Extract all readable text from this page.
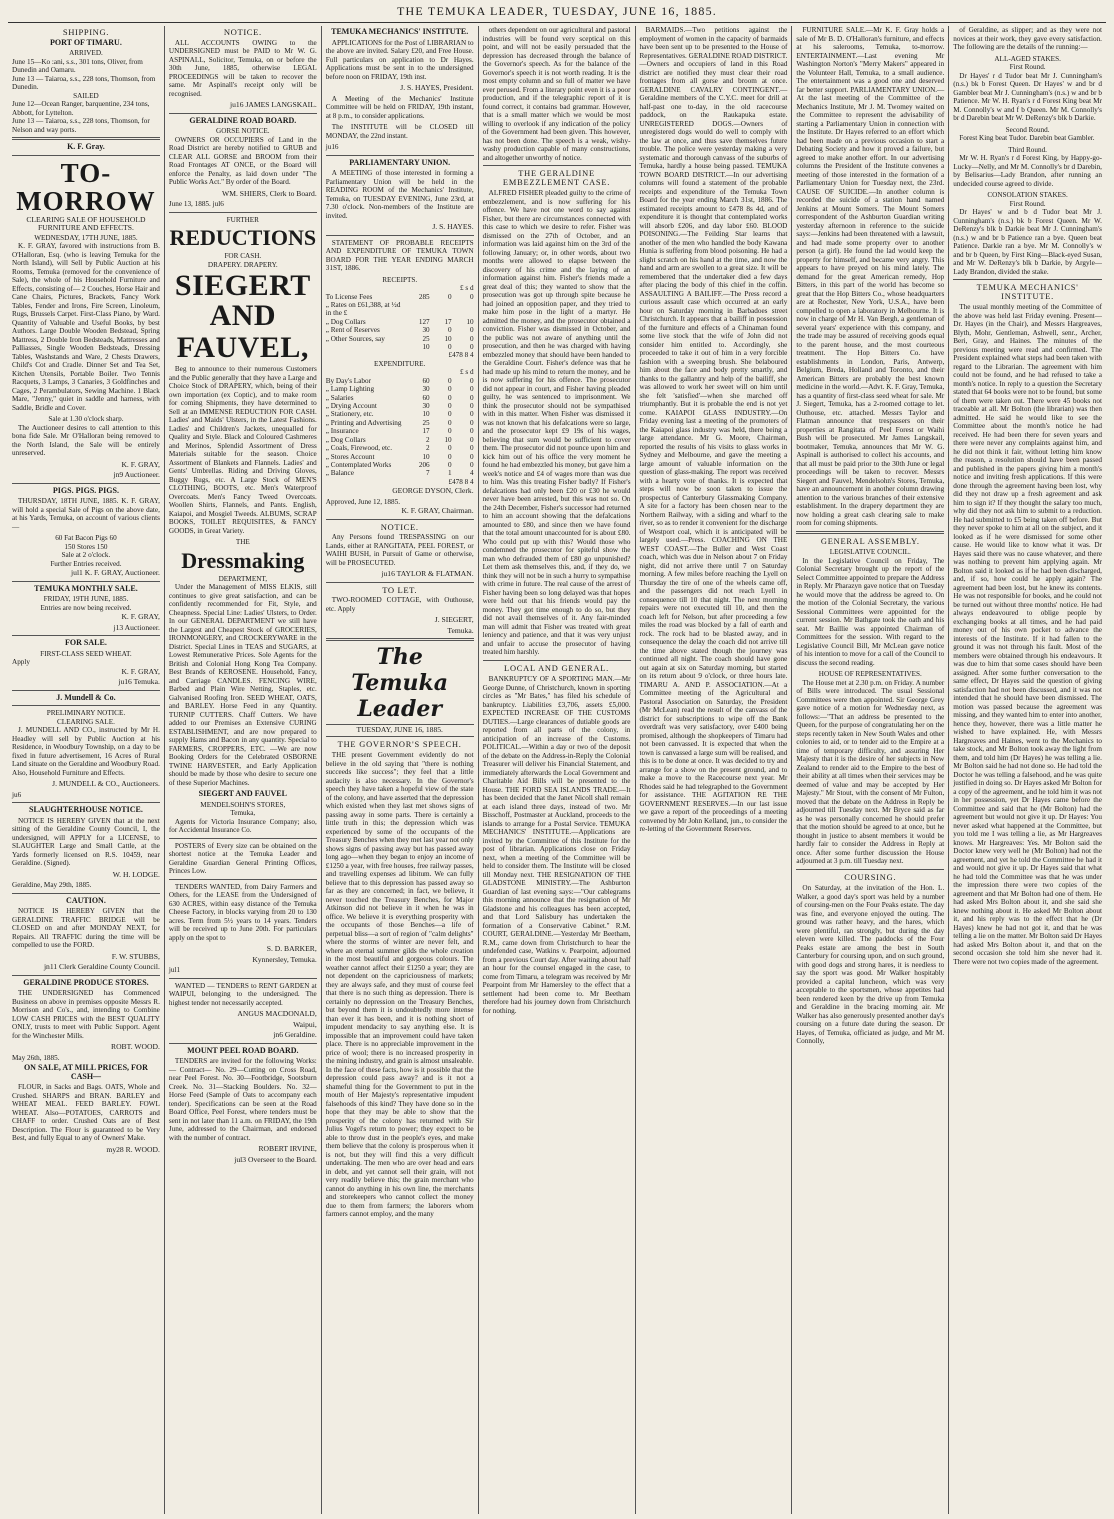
THE TEMUKA LEADER, TUESDAY, JUNE 16, 1885.
SHIPPING.
PORT OF TIMARU.
ARRIVED.

June 15—Ko :ani, s.s., 301 tons, Oliver, from Dunedin and Oamaru.

June 13 — Taiaroa, s.s., 228 tons, Thomson, from Dunedin.

SAILED

June 12—Ocean Ranger, barquentine, 234 tons, Abbott, for Lyttelton.

June 13 — Taiaroa, s.s., 228 tons, Thomson, for Nelson and way ports.

K. F. Gray.
TO-MORROW
CLEARING SALE OF HOUSEHOLD FURNITURE AND EFFECTS.
WEDNESDAY, 17TH JUNE, 1885.

K. F. GRAY, favored with instructions from B. O'Halloran, Esq. (who is leaving Temuka for the North Island), will Sell by Public Auction at his Rooms, Temuka (removed for the convenience of Sale), the whole of his Household Furniture and Effects, consisting of— 2 Couches, Horse Hair and Cane Chairs, Pictures, Brackets, Fancy Work Tables, Fender and Irons, Fire Screen, Linoleum, Rugs, Brussels Carpet. First-Class Piano, by Ward. Quantity of Valuable and Useful Books, by best Authors. Large Double Wooden Bedstead, Spring Mattress, 2 Double Iron Bedsteads, Mattresses and Palliasses, Single Wooden Bedsteads, Dressing Tables, Washstands and Ware, 2 Chests Drawers, Child's Cot and Cradle. Dinner Set and Tea Set, Kitchen Utensils, Portable Boiler. Two Tennis Racquets, 3 Lamps, 3 Canaries, 3 Goldfinches and Cages, 2 Perambulators, Sewing Machine. 1 Black Mare, "Jenny," quiet in saddle and harness, with Saddle, Bridle and Cover.

Sale at 1.30 o'clock sharp.

The Auctioneer desires to call attention to this bona fide Sale. Mr O'Halloran being removed to the North Island, the Sale will be entirely unreserved.

K. F. GRAY,
jn9 Auctioneer.
PIGS. PIGS. PIGS.

THURSDAY, 18TH JUNE, 1885. K. F. GRAY, will hold a special Sale of Pigs on the above date, at his Yards, Temuka, on account of various clients—

60 Fat Bacon Pigs 60
150 Stores 150
Sale at 2 o'clock.
Further Entries received.
jul1 K. F. GRAY, Auctioneer.
TEMUKA MONTHLY SALE.
FRIDAY, 19TH JUNE, 1885.
Entries are now being received.
K. F. GRAY,
j13 Auctioneer.
FOR SALE.
FIRST-CLASS SEED WHEAT.

Apply

K. F. GRAY,
ju16 Temuka.
J. Mundell & Co.
PRELIMINARY NOTICE.
CLEARING SALE.

J. MUNDELL AND CO., instructed by Mr H. Headley will sell by Public Auction at his Residence, in Woodbury Township, on a day to be fixed in future advertisement, 16 Acres of Rural Land situate on the Geraldine and Woodbury Road. Also, Household Furniture and Effects.

J. MUNDELL & CO., Auctioneers.
ju6
SLAUGHTERHOUSE NOTICE.

NOTICE IS HEREBY GIVEN that at the next sitting of the Geraldine County Council, I, the undersigned, will APPLY for a LICENSE, to SLAUGHTER Large and Small Cattle, at the Yards formerly licensed on R.S. 10459, near Geraldine. (Signed).

W. H. LODGE.
Geraldine, May 29th, 1885.
CAUTION.

NOTICE IS HEREBY GIVEN that the GERALDINE TRAFFIC BRIDGE will be CLOSED on and after MONDAY NEXT, for Repairs. All TRAFFIC during the time will be compelled to use the FORD.

F. W. STUBBS,
jn11 Clerk Geraldine County Council.
GERALDINE PRODUCE STORES.

THE UNDERSIGNED has Commenced Business on above in premises opposite Messrs R. Morrison and Co's., and, intending to Combine LOW CASH PRICES with the BEST QUALITY ONLY, trusts to meet with Public Support. Agent for the Winchester Mills.

ROBT. WOOD.
May 26th, 1885.
ON SALE, AT MILL PRICES, FOR CASH—

FLOUR, in Sacks and Bags. OATS, Whole and Crushed. SHARPS and BRAN. BARLEY and WHEAT MEAL. FEED BARLEY. FOWL WHEAT. Also—POTATOES, CARROTS and CHAFF to order. Crushed Oats are of Best Description. The Flour is guaranteed to be Very Best, and fully Equal to any of Owners' Make.

my28 R. WOOD.
NOTICE.

ALL ACCOUNTS OWING to the UNDERSIGNED must be PAID to Mr W. G. ASPINALL, Solicitor, Temuka, on or before the 30th June, 1885, otherwise LEGAL PROCEEDINGS will be taken to recover the same. Mr Aspinall's receipt only will be recognised.

ju16 JAMES LANGSKAIL.
GERALDINE ROAD BOARD.
GORSE NOTICE.

OWNERS OR OCCUPIERS of Land in the Road District are hereby notified to GRUB and CLEAR ALL GORSE and BROOM from their Road Frontages AT ONCE, or the Board will enforce the Penalty, as laid down under "The Public Works Act." By order of the Board.

WM. SHIERS, Clerk to Board.
June 13, 1885. jul6
FURTHER
REDUCTIONS
FOR CASH.
DRAPERY. DRAPERY.
SIEGERT AND
FAUVEL,

Beg to announce to their numerous Customers and the Public generally that they have a Large and Choice Stock of DRAPERY, which, being of their own importation (ex Coptic), and to make room for coming Shipments, they have determined to Sell at an IMMENSE REDUCTION FOR CASH. Ladies' and Maids' Ulsters, in the Latest Fashions. Ladies' and Children's Jackets, unequalled for Quality and Style. Black and Coloured Cashmeres and Merinos, Splendid Assortment of Dress Materials suitable for the season. Choice Assortment of Blankets and Flannels. Ladies' and Gents' Umbrellas. Riding and Driving Gloves, Buggy Rugs, etc. A Large Stock of MEN'S CLOTHING, BOOTS, etc. Men's Waterproof Overcoats. Men's Fancy Tweed Overcoats. Woollen Shirts, Flannels, and Pants. English, Kaiapoi, and Mosgiel Tweeds. ALBUMS, SCRAP BOOKS, TOILET REQUISITES, & FANCY GOODS, in Great Variety.

THE
Dressmaking
DEPARTMENT,

Under the Management of MISS ELKIS, still continues to give great satisfaction, and can be confidently recommended for Fit, Style, and Cheapness. Special Line: Ladies' Ulsters, to Order. In our GENERAL DEPARTMENT we still have the Largest and Cheapest Stock of GROCERIES, IRONMONGERY, and CROCKERYWARE in the District. Special Lines in TEAS and SUGARS, at Lowest Remunerative Prices. Sole Agents for the British and Colonial Hong Kong Tea Company. Best Brands of KEROSENE. Household, Fancy, and Carriage CANDLES. FENCING WIRE, Barbed and Plain Wire Netting, Staples, etc. Galvanised Roofing Iron. SEED WHEAT, OATS, and BARLEY. Horse Feed in any Quantity. TURNIP CUTTERS. Chaff Cutters. We have added to our Premises an Extensive CURING ESTABLISHMENT, and are now prepared to supply Hams and Bacon in any quantity. Special to FARMERS, CROPPERS, ETC. —We are now Booking Orders for the Celebrated OSBORNE TWINE HARVESTER, and Early Application should be made by those who desire to secure one of these Superior Machines.

SIEGERT AND FAUVEL
MENDELSOHN'S STORES,
Temuka,

Agents for Victoria Insurance Company; also, for Accidental Insurance Co.

POSTERS of Every size can be obtained on the shortest notice at the Temuka Leader and Geraldine Guardian General Printing Offices, Princes Low.

TENDERS WANTED, from Dairy Farmers and Others, for the LEASE from the Undersigned of 630 ACRES, within easy distance of the Temuka Cheese Factory, in blocks varying from 20 to 130 acres. Term from 5½ years to 14 years. Tenders will be received up to June 20th. For particulars apply on the spot to

S. D. BARKER,
Kynnersley, Temuka.
jul1

WANTED — TENDERS to RENT GARDEN at WAIPUI, belonging to the undersigned. The highest tender not necessarily accepted.

ANGUS MACDONALD,
Waipui,
jn6 Geraldine.
MOUNT PEEL ROAD BOARD.

TENDERS are invited for the following Works:— Contract— No. 29—Cutting on Cross Road, near Peel Forest. No. 30—Footbridge, Sootsburn Creek. No. 31—Stacking Boulders. No. 32—Horse Feed (Sample of Oats to accompany each tender). Specifications can be seen at the Road Board Office, Peel Forest, where tenders must be sent in not later than 11 a.m. on FRIDAY, the 19th June, addressed to the Chairman, and endorsed with the number of contract.

ROBERT IRVINE,
jul3 Overseer to the Board.
TEMUKA MECHANICS' INSTITUTE.

APPLICATIONS for the Post of LIBRARIAN to the above are invited. Salary £20, and Free House. Full particulars on application to Dr Hayes. Applications must be sent in to the undersigned before noon on FRIDAY, 19th inst.

J. S. HAYES, President.

A Meeting of the Mechanics' Institute Committee will be held on FRIDAY, 19th instant, at 8 p.m., to consider applications.

The INSTITUTE will be CLOSED till MONDAY, the 22nd instant.

ju16
PARLIAMENTARY UNION.

A MEETING of those interested in forming a Parliamentary Union will be held in the READING ROOM of the Mechanics' Institute, Temuka, on TUESDAY EVENING, June 23rd, at 7.30 o'clock. Non-members of the Institute are invited.

J. S. HAYES.

STATEMENT OF PROBABLE RECEIPTS AND EXPENDITURE OF TEMUKA TOWN BOARD FOR THE YEAR ENDING MARCH 31ST, 1886.

RECEIPTS.
£ s d
To License Fees	285	0	0
„ Rates on £61,388, at ½d in the £			
„ Dog Collars	127	17	10
„ Rent of Reserves	30	0	0
„ Other Sources, say	25	10	0
	10	0	0
£478 8 4
EXPENDITURE.
£ s d
By Day's Labor	60	0	0
„ Lamp Lighting	30	0	0
„ Salaries	60	0	0
„ Drying Account	30	0	0
„ Stationery, etc.	10	0	0
„ Printing and Advertising	25	0	0
„ Insurance	17	0	0
„ Dog Collars	2	10	0
„ Coals, Firewood, etc.	2	0	0
„ Stores Account	10	0	0
„ Contemplated Works	206	0	0
„ Balance	7	1	4
£478 8 4
GEORGE DYSON, Clerk.
Approved, June 12, 1885.
K. F. GRAY, Chairman.
NOTICE.

Any Persons found TRESPASSING on our Lands, either at RANGITATA, PEEL FOREST, or WAIHI BUSH, in Pursuit of Game or otherwise, will be PROSECUTED.

ju16 TAYLOR & FLATMAN.
TO LET.

TWO-ROOMED COTTAGE, with Outhouse, etc. Apply

J. SIEGERT,
Temuka.
The Temuka Leader
TUESDAY, JUNE 16, 1885.
THE GOVERNOR'S SPEECH.

THE present Government evidently do not believe in the old saying that "there is nothing succeeds like success"; they feel that a little audacity is also necessary. In the Governor's speech they have taken a hopeful view of the state of the colony, and have asserted that the depression which existed when they last met shows signs of passing away in some parts. There is certainly a little truth in this; the depression which was experienced by some of the occupants of the Treasury Benches when they met last year not only shows signs of passing away but has passed away long ago—when they began to enjoy an income of £1250 a year, with free houses, free railway passes, and travelling expenses ad libitum. We can fully believe that to this depression has passed away so far as they are concerned; in fact, we believe, it never touched the Treasury Benches, for Major Atkinson did not believe in it when he was in office. We believe it is everything prosperity with the occupants of those Benches—a life of perpetual bliss—a sort of region of "calm delights" where the storms of winter are never felt, and where an eternal summer gilds the whole creation in the most beautiful and gorgeous colours. The weather cannot affect their £1250 a year; they are not dependent on the capriciousness of markets; they are always safe, and they must of course feel that there is no such thing as depression. There is certainly no depression on the Treasury Benches, but beyond them it is undoubtedly more intense than ever it has been, and it is nothing short of impudent mendacity to say anything else. It is impossible that an improvement could have taken place. There is no appreciable improvement in the price of wool; there is no increased prosperity in the mining industry, and grain is almost unsaleable. In the face of these facts, how is it possible that the depression could pass away? and is it not a shameful thing for the Government to put in the mouth of Her Majesty's representative impudent falsehoods of this kind? They have done so in the hope that they may be able to show that the prosperity of the colony has returned with Sir Julius Vogel's return to power; they expect to be able to throw dust in the people's eyes, and make them believe that the colony is prosperous when it is not, but they will find this a very difficult undertaking. The men who are over head and ears in debt, and yet cannot sell their grain, will not very readily believe this; the grain merchant who cannot do anything in his own line, the merchants and storekeepers who cannot collect the money due to them from farmers; the laborers whom farmers cannot employ, and the many

others dependent on our agricultural and pastoral industries will be found very sceptical on this point, and will not be easily persuaded that the depression has decreased through the balance of the Governor's speech. As for the balance of the Governor's speech it is not worth reading. It is the most empty column and so full of matter we have ever perused. From a literary point even it is a poor production, and if the telegraphic report of it is found correct, it contains bad grammar. However, that is a small matter which we would be most willing to overlook if any indication of the policy of the Government had been given. This however, has not been done. The speech is a weak, wishy-washy production capable of many constructions, and altogether unworthy of notice.

THE GERALDINE EMBEZZLEMENT CASE.

ALFRED FISHER pleaded guilty to the crime of embezzlement, and is now suffering for his offence. We have not one word to say against Fisher, but there are circumstances connected with this case to which we desire to refer. Fisher was dismissed on the 27th of October, and an information was laid against him on the 3rd of the following January; or, in other words, about two months were allowed to elapse between the discovery of his crime and the laying of an information against him. Fisher's friends made a great deal of this; they wanted to show that the prosecution was got up through spite because he had joined an opposition paper, and they tried to make him pose in the light of a martyr. He admitted the money, and the prosecutor obtained a conviction. Fisher was dismissed in October, and the public was not aware of anything until the prosecution, and then he was charged with having embezzled money that should have been handed to the Geraldine Court. Fisher's defence was that he had made up his mind to return the money, and he is now suffering for his offence. The prosecutor did not appear in court, and Fisher having pleaded guilty, he was sentenced to imprisonment. We think the prosecutor should not be sympathised with in this matter. When Fisher was dismissed it was not known that his defalcations were so large, and the prosecutor kept £9 19s of his wages, believing that sum would be sufficient to cover them. The prosecutor did not pounce upon him and kick him out of his office the very moment he found he had embezzled his money, but gave him a week's notice and £4 of wages more than was due to him. Was this treating Fisher badly? If Fisher's defalcations had only been £20 or £30 he would never have been arrested, but this was not so. On the 24th December, Fisher's successor had returned to him an account showing that the defalcations amounted to £80, and since then we have found that the total amount unaccounted for is about £80. Who could put up with this? Would those who condemned the prosecutor for spiteful show the man who defrauded them of £80 go unpunished? Let them ask themselves this, and, if they do, we think they will not be in such a hurry to sympathise with crime in future. The real cause of the arrest of Fisher having been so long delayed was that hopes were held out that his friends would pay the money. They got time enough to do so, but they did not avail themselves of it. Any fair-minded man will admit that Fisher was treated with great leniency and patience, and that it was very unjust and unfair to accuse the prosecutor of having treated him harshly.

LOCAL AND GENERAL.

BANKRUPTCY OF A SPORTING MAN.—Mr George Dunne, of Christchurch, known in sporting circles as "Mr Bates," has filed his schedule of bankruptcy. Liabilities £3,706, assets £5,000. EXPECTED INCREASE OF THE CUSTOMS DUTIES.—Large clearances of dutiable goods are reported from all parts of the colony, in anticipation of an increase of the Customs. POLITICAL.—Within a day or two of the deposit of the debate on the Address-in-Reply the Colonial Treasurer will deliver his Financial Statement, and immediately afterwards the Local Government and Charitable Aid Bills will be presented to the House. THE FORD SEA ISLANDS TRADE.—It has been decided that the Janet Nicoll shall remain at each island three days, instead of two. Mr Bisschoff, Postmaster at Auckland, proceeds to the islands to arrange for a Postal Service. TEMUKA MECHANICS' INSTITUTE.—Applications are invited by the Committee of this Institute for the post of librarian. Applications close on Friday next, when a meeting of the Committee will be held to consider them. The Institute will be closed till Monday next. THE RESIGNATION OF THE GLADSTONE MINISTRY.—The Ashburton Guardian of last evening says:—"Our cablegrams this morning announce that the resignation of Mr Gladstone and his colleagues has been accepted, and that Lord Salisbury has undertaken the formation of a Conservative Cabinet." R.M. COURT, GERALDINE.—Yesterday Mr Beetham, R.M., came down from Christchurch to hear the undefended case, Watkins v. Pearpoint, adjourned from a previous Court day. After waiting about half an hour for the counsel engaged in the case, to come from Timaru, a telegram was received by Mr Pearpoint from Mr Hamersley to the effect that a settlement had been come to. Mr Beetham therefore had his journey down from Christchurch for nothing.

BARMAIDS.—Two petitions against the employment of women in the capacity of barmaids have been sent up to be presented to the House of Representatives. GERALDINE ROAD DISTRICT.—Owners and occupiers of land in this Road district are notified they must clear their road frontages from all gorse and broom at once. GERALDINE CAVALRY CONTINGENT.—Geraldine members of the C.Y.C. meet for drill at half-past one to-day, in the old racecourse paddock, on the Raukapuka estate. UNREGISTERED DOGS.—Owners of unregistered dogs would do well to comply with the law at once, and thus save themselves future trouble. The police were yesterday making a very systematic and thorough canvass of the suburbs of Temuka, hardly a house being passed. TEMUKA TOWN BOARD DISTRICT.—In our advertising columns will found a statement of the probable receipts and expenditure of the Temuka Town Board for the year ending March 31st, 1886. The estimated receipts amount to £478 8s 4d, and of expenditure it is thought that contemplated works will absorb £206, and day labor £60. BLOOD POISONING.—The Feilding Star learns that another of the men who handled the body Kawana Hunia is suffering from blood poisoning. He had a slight scratch on his hand at the time, and now the hand and arm are swollen to a great size. It will be remembered that the undertaker died a few days after placing the body of this chief in the coffin. ASSAULTING A BAILIFF.—The Press record a curious assault case which occurred at an early hour on Saturday morning in Barbadoes street Christchurch. It appears that a bailiff in possession of the furniture and effects of a Chinaman found some live stock that the wife of John did not consider him entitled to. Accordingly, she proceeded to take it out of him in a very forcible fashion with a sweeping brush. She belaboured him about the face and body pretty smartly, and thanks to the gallantry and help of the bailiff, she was allowed to work her sweet will on him until she felt 'satisfied'—when she marched off triumphantly. But it is probable the end is not yet come. KAIAPOI GLASS INDUSTRY.—On Friday evening last a meeting of the promoters of the Kaiapoi glass industry was held, there being a large attendance. Mr G. Moore, Chairman, reported the results of his visits to glass works in Sydney and Melbourne, and gave the meeting a large amount of valuable information on the question of glass-making. The report was received with a hearty vote of thanks. It is expected that steps will now be soon taken to issue the prospectus of Canterbury Glassmaking Company. A site for a factory has been chosen near to the Northern Railway, with a siding and wharf to the river, so as to render it convenient for the discharge of Westport coal, which it is anticipated will be largely used.—Press. COACHING ON THE WEST COAST.—The Buller and West Coast coach, which was due in Nelson about 7 on Friday night, did not arrive there until 7 on Saturday morning. A few miles before reaching the Lyell on Thursday the tire of one of the wheels came off, and the passengers did not reach Lyell in consequence till 10 that night. The next morning repairs were not executed till 10, and then the coach left for Nelson, but after proceeding a few miles the road was blocked by a fall of earth and rock. The rock had to be blasted away, and in consequence the delay the coach did not arrive till the time above stated though the journey was continued all night. The coach should have gone out again at six on Saturday morning, but started on its return about 9 o'clock, or three hours late. TIMARU A. AND P. ASSOCIATION.—At a Committee meeting of the Agricultural and Pastoral Association on Saturday, the President (Mr McLean) read the result of the canvass of the district for subscriptions to wipe off the Bank overdraft was very satisfactory, over £400 being promised, although the shopkeepers of Timaru had not been canvassed. It is expected that when the town is canvassed a large sum will be realised, and this is to be done at once. It was decided to try and arrange for a show on the present ground, and to make a move to the Racecourse next year. Mr Rhodes said he had telegraphed to the Government for assistance. THE AGITATION RE THE GOVERNMENT RESERVES.—In our last issue we gave a report of the proceedings of a meeting convened by Mr John Kelland, jun., to consider the re-letting of the Government Reserves.

FURNITURE SALE.—Mr K. F. Gray holds a sale of Mr B. D. O'Halloran's furniture, and effects at his salerooms, Temuka, to-morrow. ENTERTAINMENT.—Last evening Mr Washington Norton's "Merry Makers" appeared in the Volunteer Hall, Temuka, to a small audience. The entertainment was a good one and deserved far better support. PARLIAMENTARY UNION.—At the last meeting of the Committee of the Mechanics Institute, Mr J. M. Twomey waited on the Committee to represent the advisability of starting a Parliamentary Union in connection with the Institute. Dr Hayes referred to an effort which had been made on a previous occasion to start a Debating Society and how it proved a failure, but agreed to make another effort. In our advertising columns the President of the Institute convenes a meeting of those interested in the formation of a Parliamentary Union for Tuesday next, the 23rd. CAUSE OF SUICIDE.—In another column is recorded the suicide of a station hand named Jenkins at Mount Somers. The Mount Somers correspondent of the Ashburton Guardian writing yesterday afternoon in reference to the suicide says:—Jenkins had been threatened with a lawsuit, and had made some property over to another person (a girl). He found the lad would keep the property for himself, and became very angry. This appears to have preyed on his mind lately. The demand for the great American remedy, Hop Bitters, in this part of the world has become so great that the Hop Bitters Co., whose headquarters are at Rochester, New York, U.S.A., have been compelled to open a laboratory in Melbourne. It is now in charge of Mr H. Van Bergh, a gentleman of several years' experience with this company, and the trade may be assured of receiving goods equal to the parent house, and the most courteous treatment. The Hop Bitters Co. have establishments in London, Paris, Antwerp, Belgium, Breda, Holland and Toronto, and their American Bitters are probably the best known medicine in the world.—Advt. K. F. Gray, Temuka, has a quantity of first-class seed wheat for sale. Mr J. Siegert, Temuka, has a 2-roomed cottage to let. Outhouse, etc. attached. Messrs Taylor and Flatman announce that trespassers on their properties at Rangitata of Peel Forest or Waihi Bush will be prosecuted. Mr James Langskail, bootmaker, Temuka, announces that Mr W. G. Aspinall is authorised to collect his accounts, and that all must be paid prior to the 30th June or legal proceedings will be taken to recover. Messrs Siegert and Fauvel, Mendelsohn's Stores, Temuka, have an announcement in another column drawing attention to the various branches of their extensive establishment. In the drapery department they are now holding a great cash clearing sale to make room for coming shipments.

GENERAL ASSEMBLY.
LEGISLATIVE COUNCIL.

In the Legislative Council on Friday, The Colonial Secretary brought up the report of the Select Committee appointed to prepare the Address in Reply. Mr Pharazyn gave notice that on Tuesday he would move that the address be agreed to. On the motion of the Colonial Secretary, the various Sessional Committees were appointed for the current session. Mr Bathgate took the oath and his seat. Mr Baillie was appointed Chairman of Committees for the session. With regard to the Legislative Council Bill, Mr McLean gave notice of his intention to move for a call of the Council to discuss the second reading.

HOUSE OF REPRESENTATIVES.

The House met at 2.30 p.m. on Friday. A number of Bills were introduced. The usual Sessional Committees were then appointed. Sir George Grey gave notice of a motion for Wednesday next, as follows:—"That an address be presented to the Queen, for the purpose of congratulating her on the steps recently taken in New South Wales and other colonies to aid, or to tender aid to the Empire at a time of temporary difficulty, and assuring Her Majesty that it is the desire of her subjects in New Zealand to render aid to the Empire to the best of their ability at all times when their services may be deemed of value and may be accepted by Her Majesty." Mr Stout, with the consent of Mr Fulton, moved that the debate on the Address in Reply be adjourned till Tuesday next. Mr Bryce said as far as he was personally concerned he should prefer that the motion should be agreed to at once, but he thought in justice to absent members it would be hardly fair to consider the Address in Reply at once. After some further discussion the House adjourned at 3 p.m. till Tuesday next.

COURSING.

On Saturday, at the invitation of the Hon. L. Walker, a good day's sport was held by a number of coursing-men on the Four Peaks estate. The day was fine, and everyone enjoyed the outing. The ground was rather heavy, and the hares, which were plentiful, ran strongly, but during the day eleven were killed. The paddocks of the Four Peaks estate are among the best in South Canterbury for coursing upon, and on such ground, with good dogs and strong hares, it is needless to say the sport was good. Mr Walker hospitably provided a capital luncheon, which was very acceptable to the sportsmen, whose appetites had been rendered keen by the drive up from Temuka and Geraldine in the bracing morning air. Mr Walker has also generously presented another day's coursing on a future date during the season. Dr Hayes, of Temuka, officiated as judge, and Mr M. Connolly,

of Geraldine, as slipper; and as they were not novices at their work, they gave every satisfaction. The following are the details of the running:—

ALL-AGED STAKES.
First Round.

Dr Hayes' r d Tudor beat Mr J. Cunningham's (n.s.) bk b Forest Queen. Dr Hayes' w and br d Gambler beat Mr J. Cunningham's (n.s.) w and br b Patience. Mr W. H. Ryan's r d Forest King beat Mr M. Connolly's w and f b Queen. Mr M. Connolly's br d Darebin beat Mr W. DeRenzy's blk b Darkie.

Second Round.

Forest King beat Tudor. Darebin beat Gambler.

Third Round.

Mr W. H. Ryan's r d Forest King, by Happy-go-Lucky—Nelly, and Mr M. Connolly's br d Darebin, by Belisarius—Lady Brandon, after running an undecided course agreed to divide.

CONSOLATION STAKES.
First Round.

Dr Hayes' w and b d Tudor beat Mr J. Cunningham's (n.s.) bk b Forest Queen. Mr W. DeRenzy's blk b Darkie beat Mr J. Cunningham's (n.s.) w and br b Patience ran a bye. Queen beat Patience. Darkie ran a bye. Mr M. Connolly's w and br b Queen, by First King—Black-eyed Susan, and Mr W. DeRenzy's blk b Darkie, by Argyle—Lady Brandon, divided the stake.

TEMUKA MECHANICS' INSTITUTE.

The usual monthly meeting of the Committee of the above was held last Friday evening. Present—Dr. Hayes (in the Chair), and Messrs Hargreaves, Blyth, Mohr, Gentleman, Ashwell, senr., Archer, Beri, Gray, and Haines. The minutes of the previous meeting were read and confirmed. The President explained what steps had been taken with regard to the Librarian. The agreement with him could not be found, and he had refused to take a month's notice. In reply to a question the Secretary stated that 64 books were not to be found, but some of them were taken out. There were 45 books not traceable at all. Mr Bolton (the librarian) was then admitted. He said he would like to see the Committee about the month's notice he had received. He had been there for seven years and there were never any complaints against him, and he did not think it fair, without letting him know the reason, a resolution should have been passed and published in the papers giving him a month's notice and inviting fresh applications. If this were done through the agreement having been lost, why did they not draw up a fresh agreement and ask him to sign it? If they thought the salary too much, why did they not ask him to submit to a reduction. He had submitted to £5 being taken off before. But they never spoke to him at all on the subject, and it looked as if he were dismissed for some other cause. He would like to know what it was. Dr Hayes said there was no cause whatever, and there was nothing to prevent him applying again. Mr Bolton said it looked as if he had been discharged, and, if so, how could he apply again? The agreement had been lost, but he knew its contents. He was not responsible for books, and he could not be turned out without three months' notice. He had always endeavoured to oblige people by exchanging books at all times, and he had paid money out of his own pocket to advance the interests of the Institute. If it had fallen to the ground it was not through his fault. Most of the members were obtained through his endeavours. It was due to him that some cases should have been assigned. After some further conversation to the same effect, Dr Hayes said the question of giving satisfaction had not been discussed, and it was not intended that he should have been dismissed. The motion was passed because the agreement was missing, and they wanted him to enter into another, hence they, however, there was a little matter he wished to have explained. He, with Messrs Hargreaves and Haines, went to the Mechanics to take stock, and Mr Bolton took away the light from them, and told him (Dr Hayes) he was telling a lie. Mr Bolton said he had not done so. He had told the Doctor he was telling a falsehood, and he was quite justified in doing so. Dr Hayes asked Mr Bolton for a copy of the agreement, and he told him it was not in her possession, yet Dr Hayes came before the Committee and said that he (Mr Bolton) had the agreement but would not give it up. Dr Hayes: You never asked what happened at the Committee, but you told me I was telling a lie, as Mr Hargreaves knows. Mr Hargreaves: Yes. Mr Bolton said the Doctor knew very well he (Mr Bolton) had not the agreement, and yet he told the Committee he had it and would not give it up. Dr Hayes said that what he had told the Committee was that he was under the impression there were two copies of the agreement and that Mr Bolton had one of them. He had asked Mrs Bolton about it, and she said she knew nothing about it. He asked Mr Bolton about it, and his reply was to the effect that he (Dr Hayes) knew he had not got it, and that he was telling a lie on the matter. Mr Bolton said Dr Hayes had asked Mrs Bolton about it, and that on the second occasion she told him she never had it. There were not two copies made of the agreement.
